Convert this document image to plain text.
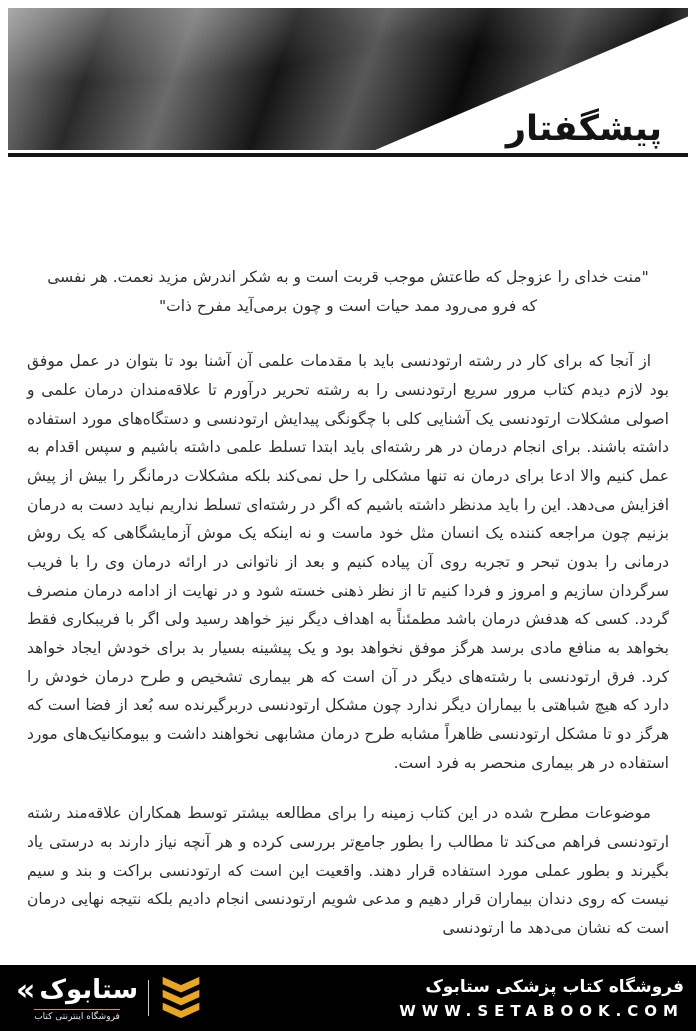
پیشگفتار

"منت خدای را عزوجل که طاعتش موجب قربت است و به شکر اندرش مزید نعمت. هر نفسی که فرو می‌رود ممد حیات است و چون برمی‌آید مفرح ذات"

از آنجا که برای کار در رشته ارتودنسی باید با مقدمات علمی آن آشنا بود تا بتوان در عمل موفق بود لازم دیدم کتاب مرور سریع ارتودنسی را به رشته تحریر درآورم تا علاقه‌مندان درمان علمی و اصولی مشکلات ارتودنسی یک آشنایی کلی با چگونگی پیدایش ارتودنسی و دستگاه‌های مورد استفاده داشته باشند. برای انجام درمان در هر رشته‌ای باید ابتدا تسلط علمی داشته باشیم و سپس اقدام به عمل کنیم والا ادعا برای درمان نه تنها مشکلی را حل نمی‌کند بلکه مشکلات درمانگر را بیش از پیش افزایش می‌دهد. این را باید مدنظر داشته باشیم که اگر در رشته‌ای تسلط نداریم نباید دست به درمان بزنیم چون مراجعه کننده یک انسان مثل خود ماست و نه اینکه یک موش آزمایشگاهی که یک روش درمانی را بدون تبحر و تجربه روی آن پیاده کنیم و بعد از ناتوانی در ارائه درمان وی را با فریب سرگردان سازیم و امروز و فردا کنیم تا از نظر ذهنی خسته شود و در نهایت از ادامه درمان منصرف گردد. کسی که هدفش درمان باشد مطمئناً به اهداف دیگر نیز خواهد رسید ولی اگر با فریبکاری فقط بخواهد به منافع مادی برسد هرگز موفق نخواهد بود و یک پیشینه بسیار بد برای خودش ایجاد خواهد کرد. فرق ارتودنسی با رشته‌های دیگر در آن است که هر بیماری تشخیص و طرح درمان خودش را دارد که هیچ شباهتی با بیماران دیگر ندارد چون مشکل ارتودنسی دربرگیرنده سه بُعد از فضا است که هرگز دو تا مشکل ارتودنسی ظاهراً مشابه طرح درمان مشابهی نخواهند داشت و بیومکانیک‌های مورد استفاده در هر بیماری منحصر به فرد است.

موضوعات مطرح شده در این کتاب زمینه را برای مطالعه بیشتر توسط همکاران علاقه‌مند رشته ارتودنسی فراهم می‌کند تا مطالب را بطور جامع‌تر بررسی کرده و هر آنچه نیاز دارند به درستی یاد بگیرند و بطور عملی مورد استفاده قرار دهند. واقعیت این است که ارتودنسی براکت و بند و سیم نیست که روی دندان بیماران قرار دهیم و مدعی شویم ارتودنسی انجام دادیم بلکه نتیجه نهایی درمان است که نشان می‌دهد ما ارتودنسی

« ستابوک
فروشگاه اینترنتی کتاب
فروشگاه کتاب پزشکی ستابوک
WWW.SETABOOK.COM
